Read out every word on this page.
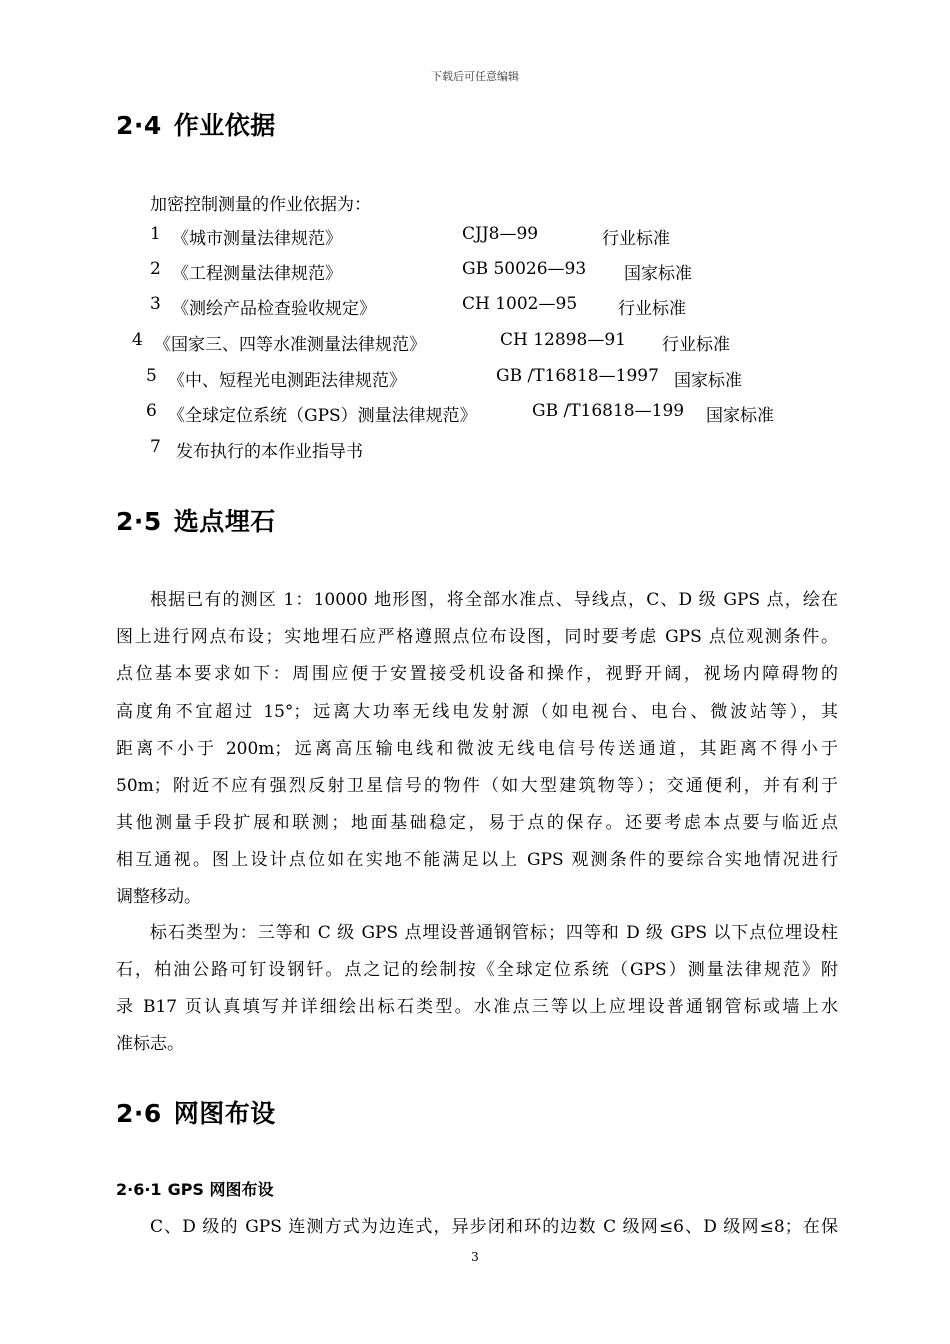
下载后可任意编辑
2·4 作业依据
加密控制测量的作业依据为：
1 《城市测量法律规范》	CJJ8—99	行业标准
2 《工程测量法律规范》	GB 50026—93 国家标准
3 《测绘产品检查验收规定》	CH 1002—95 行业标准
4 《国家三、四等水准测量法律规范》	CH 12898—91 行业标准
5 《中、短程光电测距法律规范》	GB /T16818—1997 国家标准
6 《全球定位系统（GPS）测量法律规范》	GB /T16818—199 国家标准
7 发布执行的本作业指导书
2·5 选点埋石
根据已有的测区 1：10000 地形图，将全部水准点、导线点，C、D 级 GPS 点，绘在
图上进行网点布设；实地埋石应严格遵照点位布设图，同时要考虑 GPS 点位观测条件。
点位基本要求如下：周围应便于安置接受机设备和操作，视野开阔，视场内障碍物的
高度角不宜超过 15°；远离大功率无线电发射源（如电视台、电台、微波站等），其
距离不小于 200m；远离高压输电线和微波无线电信号传送通道，其距离不得小于
50m；附近不应有强烈反射卫星信号的物件（如大型建筑物等）；交通便利，并有利于
其他测量手段扩展和联测；地面基础稳定，易于点的保存。还要考虑本点要与临近点
相互通视。图上设计点位如在实地不能满足以上 GPS 观测条件的要综合实地情况进行
调整移动。
标石类型为：三等和 C 级 GPS 点埋设普通钢管标；四等和 D 级 GPS 以下点位埋设柱
石，柏油公路可钉设钢钎。点之记的绘制按《全球定位系统（GPS）测量法律规范》附
录 B17 页认真填写并详细绘出标石类型。水准点三等以上应埋设普通钢管标或墙上水
准标志。
2·6 网图布设
2·6·1 GPS 网图布设
C、D 级的 GPS 连测方式为边连式，异步闭和环的边数 C 级网≤6、D 级网≤8；在保
3
